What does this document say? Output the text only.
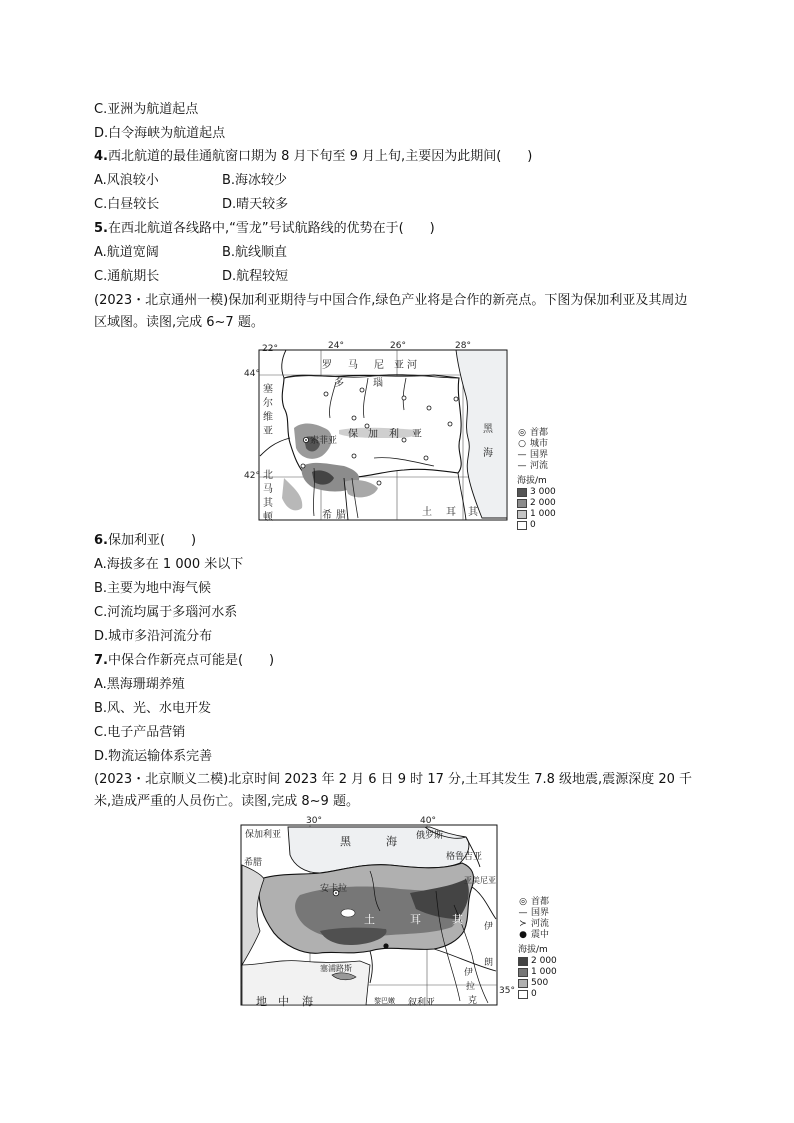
C.亚洲为航道起点
D.白令海峡为航道起点
4.西北航道的最佳通航窗口期为 8 月下旬至 9 月上旬,主要因为此期间(　　)
A.风浪较小	B.海冰较少
C.白昼较长	D.晴天较多
5.在西北航道各线路中,“雪龙”号试航路线的优势在于(　　)
A.航道宽阔	B.航线顺直
C.通航期长	D.航程较短
(2023・北京通州一模)保加利亚期待与中国合作,绿色产业将是合作的新亮点。下图为保加利亚及其周边区域图。读图,完成 6~7 题。
22°	24°	26°	28°
44°
42°
罗 马 尼 亚 河
多	瑙
塞
尔
维
亚
北
马
其
顿
保 加 利 亚
索菲亚
黑
海
希 腊	土 耳 其
◎ 首都
○ 城市
— 国界
— 河流
海拔/m
3 000
2 000
1 000
0
6.保加利亚(　　)
A.海拔多在 1 000 米以下
B.主要为地中海气候
C.河流均属于多瑙河水系
D.城市多沿河流分布
7.中保合作新亮点可能是(　　)
A.黑海珊瑚养殖
B.风、光、水电开发
C.电子产品营销
D.物流运输体系完善
(2023・北京顺义二模)北京时间 2023 年 2 月 6 日 9 时 17 分,土耳其发生 7.8 级地震,震源深度 20 千米,造成严重的人员伤亡。读图,完成 8~9 题。
30°	40°
35°
保加利亚
希腊
俄罗斯
格鲁吉亚
亚美尼亚
安卡拉
叙利亚
塞浦路斯
黎巴嫩
黑	海
土	耳	其
地 中 海
伊
朗
伊
拉
克
◎ 首都
— 国界
≻ 河流
● 震中
海拔/m
2 000
1 000
500
0
